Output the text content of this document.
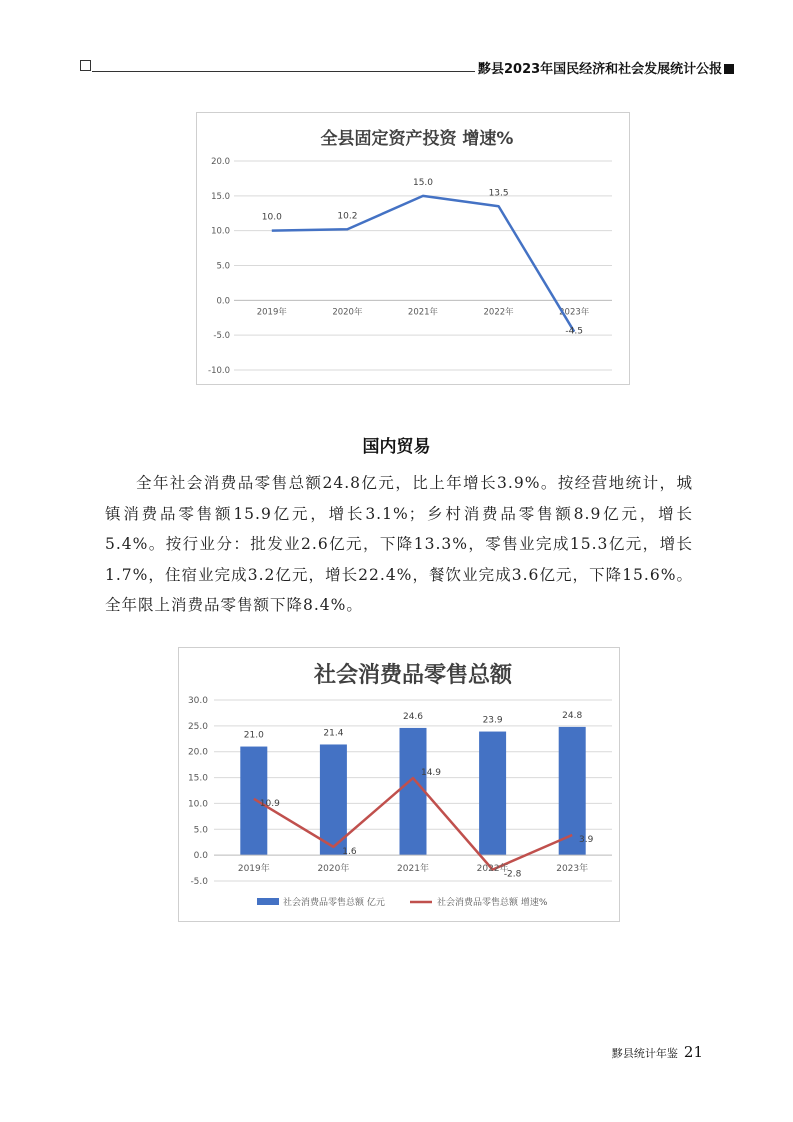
黟县2023年国民经济和社会发展统计公报
全县固定资产投资 增速%
20.0
15.0
10.0
5.0
0.0
-5.0
-10.0
2019年	2020年	2021年	2022年	2023年
10.0	10.2
15.0
13.5
-4.5
国内贸易

全年社会消费品零售总额24.8亿元，比上年增长3.9%。按经营地统计，城镇消费品零售额15.9亿元，增长3.1%；乡村消费品零售额8.9亿元，增长5.4%。按行业分：批发业2.6亿元，下降13.3%，零售业完成15.3亿元，增长1.7%，住宿业完成3.2亿元，增长22.4%，餐饮业完成3.6亿元，下降15.6%。全年限上消费品零售额下降8.4%。

社会消费品零售总额
30.0
25.0
20.0
15.0
10.0
5.0
0.0
-5.0
21.0	21.4
24.6	23.9	24.8
10.9
1.6
14.9
-2.8
3.9
2019年	2020年	2021年	2022年	2023年
社会消费品零售总额 亿元	社会消费品零售总额 增速%
黟县统计年鉴 21
